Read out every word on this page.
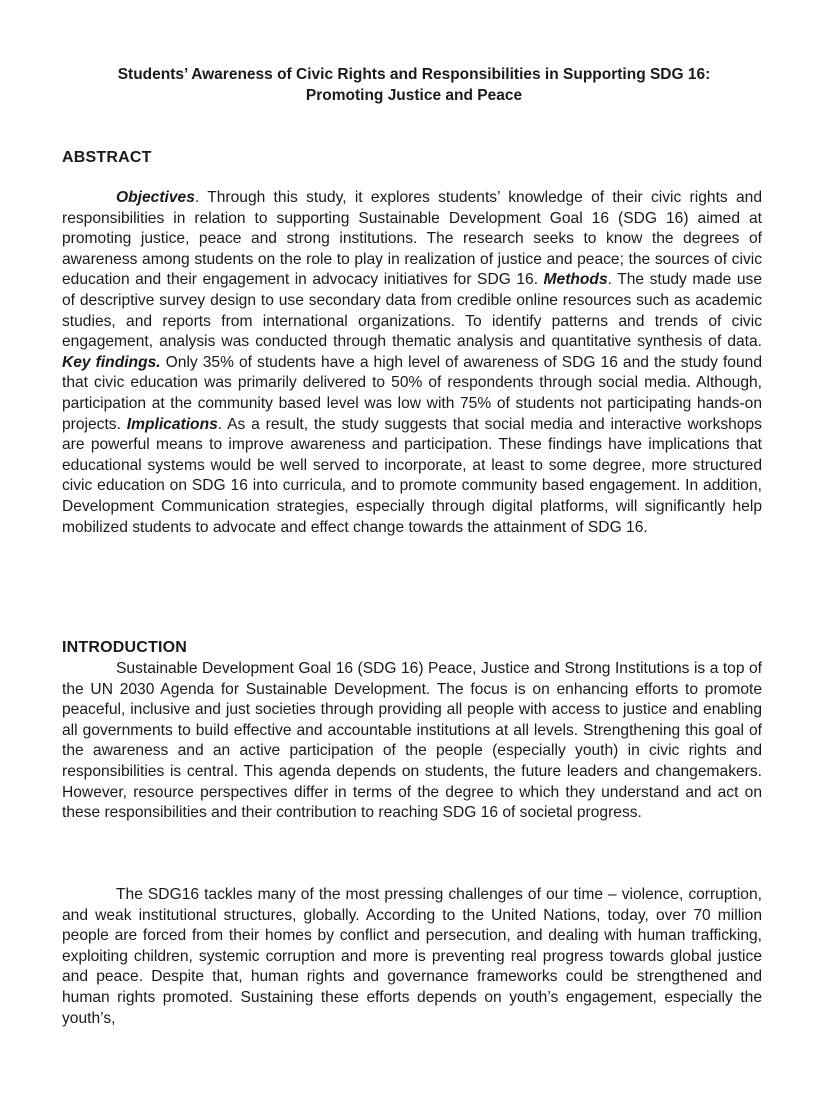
Students’ Awareness of Civic Rights and Responsibilities in Supporting SDG 16:
Promoting Justice and Peace
ABSTRACT

Objectives. Through this study, it explores students’ knowledge of their civic rights and responsibilities in relation to supporting Sustainable Development Goal 16 (SDG 16) aimed at promoting justice, peace and strong institutions. The research seeks to know the degrees of awareness among students on the role to play in realization of justice and peace; the sources of civic education and their engagement in advocacy initiatives for SDG 16. Methods. The study made use of descriptive survey design to use secondary data from credible online resources such as academic studies, and reports from international organizations. To identify patterns and trends of civic engagement, analysis was conducted through thematic analysis and quantitative synthesis of data. Key findings. Only 35% of students have a high level of awareness of SDG 16 and the study found that civic education was primarily delivered to 50% of respondents through social media. Although, participation at the community based level was low with 75% of students not participating hands-on projects. Implications. As a result, the study suggests that social media and interactive workshops are powerful means to improve awareness and participation. These findings have implications that educational systems would be well served to incorporate, at least to some degree, more structured civic education on SDG 16 into curricula, and to promote community based engagement. In addition, Development Communication strategies, especially through digital platforms, will significantly help mobilized students to advocate and effect change towards the attainment of SDG 16.

INTRODUCTION

Sustainable Development Goal 16 (SDG 16) Peace, Justice and Strong Institutions is a top of the UN 2030 Agenda for Sustainable Development. The focus is on enhancing efforts to promote peaceful, inclusive and just societies through providing all people with access to justice and enabling all governments to build effective and accountable institutions at all levels. Strengthening this goal of the awareness and an active participation of the people (especially youth) in civic rights and responsibilities is central. This agenda depends on students, the future leaders and changemakers. However, resource perspectives differ in terms of the degree to which they understand and act on these responsibilities and their contribution to reaching SDG 16 of societal progress.

The SDG16 tackles many of the most pressing challenges of our time – violence, corruption, and weak institutional structures, globally. According to the United Nations, today, over 70 million people are forced from their homes by conflict and persecution, and dealing with human trafficking, exploiting children, systemic corruption and more is preventing real progress towards global justice and peace. Despite that, human rights and governance frameworks could be strengthened and human rights promoted. Sustaining these efforts depends on youth’s engagement, especially the youth’s,
